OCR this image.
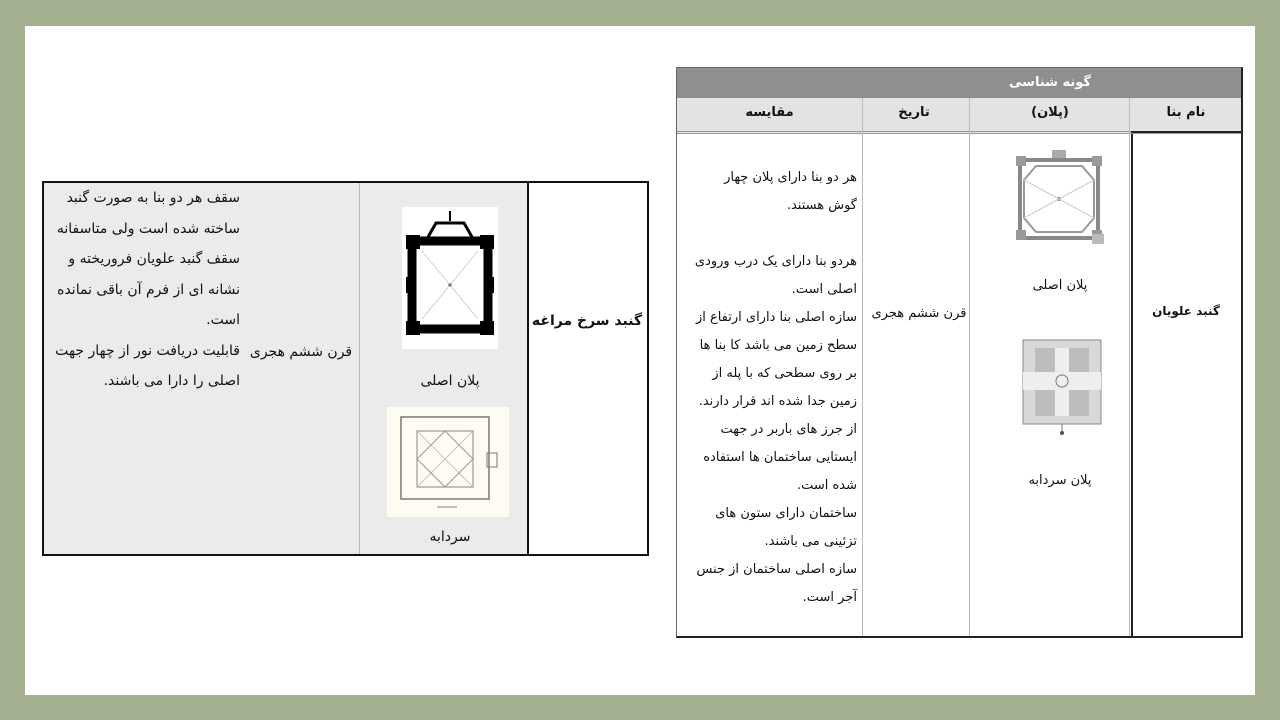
گونه شناسی
نام بنا
(پلان)
تاریخ
مقایسه
گنبد علویان
پلان اصلی
پلان سردابه
قرن ششم هجری

هر دو بنا دارای پلان چهار گوش هستند.

هردو بنا دارای یک درب ورودی اصلی است.

سازه اصلی بنا دارای ارتفاع از سطح زمین می باشد کا بنا ها بر روی سطحی که با پله از زمین جدا شده اند قرار دارند.

از جرز های باربر در جهت ایستایی ساختمان ها استفاده شده است.

ساختمان دارای ستون های تزئینی می باشند.

سازه اصلی ساختمان از جنس آجر است.

گنبد سرخ مراغه
پلان اصلی
سردابه
قرن ششم هجری

سقف هر دو بنا به صورت گنبد ساخته شده است ولی متاسفانه سقف گنبد علویان فروریخته و نشانه ای از فرم آن باقی نمانده است.

قابلیت دریافت نور از چهار جهت اصلی را دارا می باشند.
